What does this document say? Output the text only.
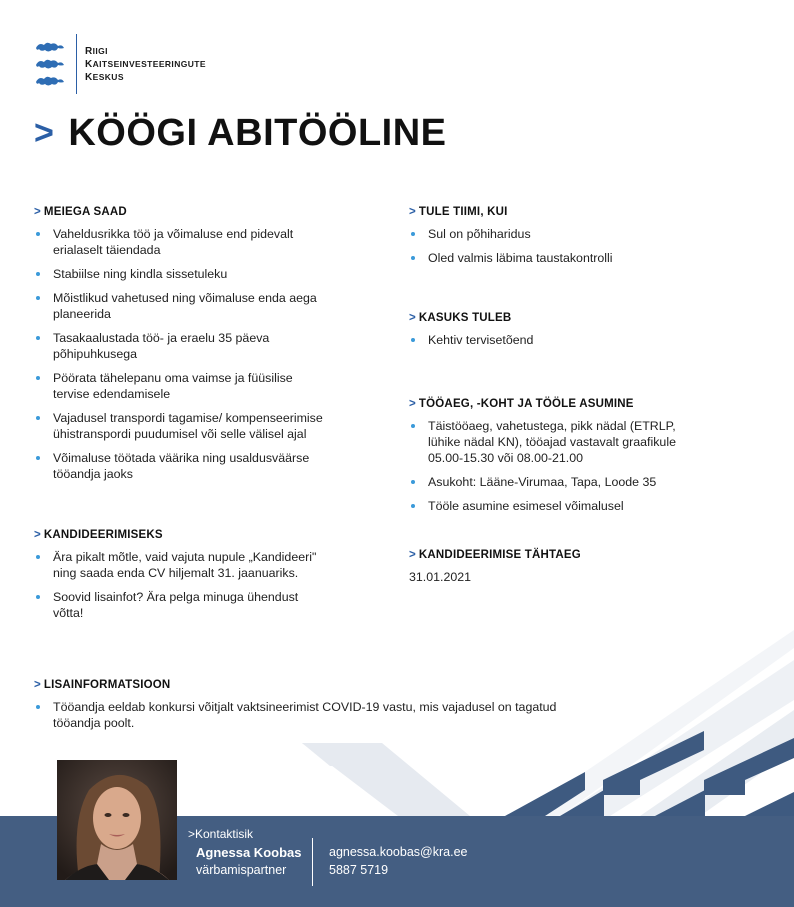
RIIGI
KAITSEINVESTEERINGUTE
KESKUS
> KÖÖGI ABITÖÖLINE
> MEIEGA SAAD
Vaheldusrikka töö ja võimaluse end pidevalt erialaselt täiendada
Stabiilse ning kindla sissetuleku
Mõistlikud vahetused ning võimaluse enda aega planeerida
Tasakaalustada töö- ja eraelu 35 päeva põhipuhkusega
Pöörata tähelepanu oma vaimse ja füüsilise tervise edendamisele
Vajadusel transpordi tagamise/ kompenseerimise ühistranspordi puudumisel või selle välisel ajal
Võimaluse töötada väärika ning usaldusväärse tööandja jaoks
> KANDIDEERIMISEKS
Ära pikalt mõtle, vaid vajuta nupule „Kandideeri" ning saada enda CV hiljemalt 31. jaanuariks.
Soovid lisainfot? Ära pelga minuga ühendust võtta!
> TULE TIIMI, KUI
Sul on põhiharidus
Oled valmis läbima taustakontrolli
> KASUKS TULEB
Kehtiv tervisetõend
> TÖÖAEG, -KOHT JA TÖÖLE ASUMINE
Täistööaeg, vahetustega, pikk nädal (ETRLP, lühike nädal KN), tööajad vastavalt graafikule 05.00-15.30 või 08.00-21.00
Asukoht: Lääne-Virumaa, Tapa, Loode 35
Tööle asumine esimesel võimalusel
> KANDIDEERIMISE TÄHTAEG
31.01.2021
> LISAINFORMATSIOON
Tööandja eeldab konkursi võitjalt vaktsineerimist COVID-19 vastu, mis vajadusel on tagatud tööandja poolt.
>Kontaktisik
Agnessa Koobas
värbamispartner
agnessa.koobas@kra.ee
5887 5719
